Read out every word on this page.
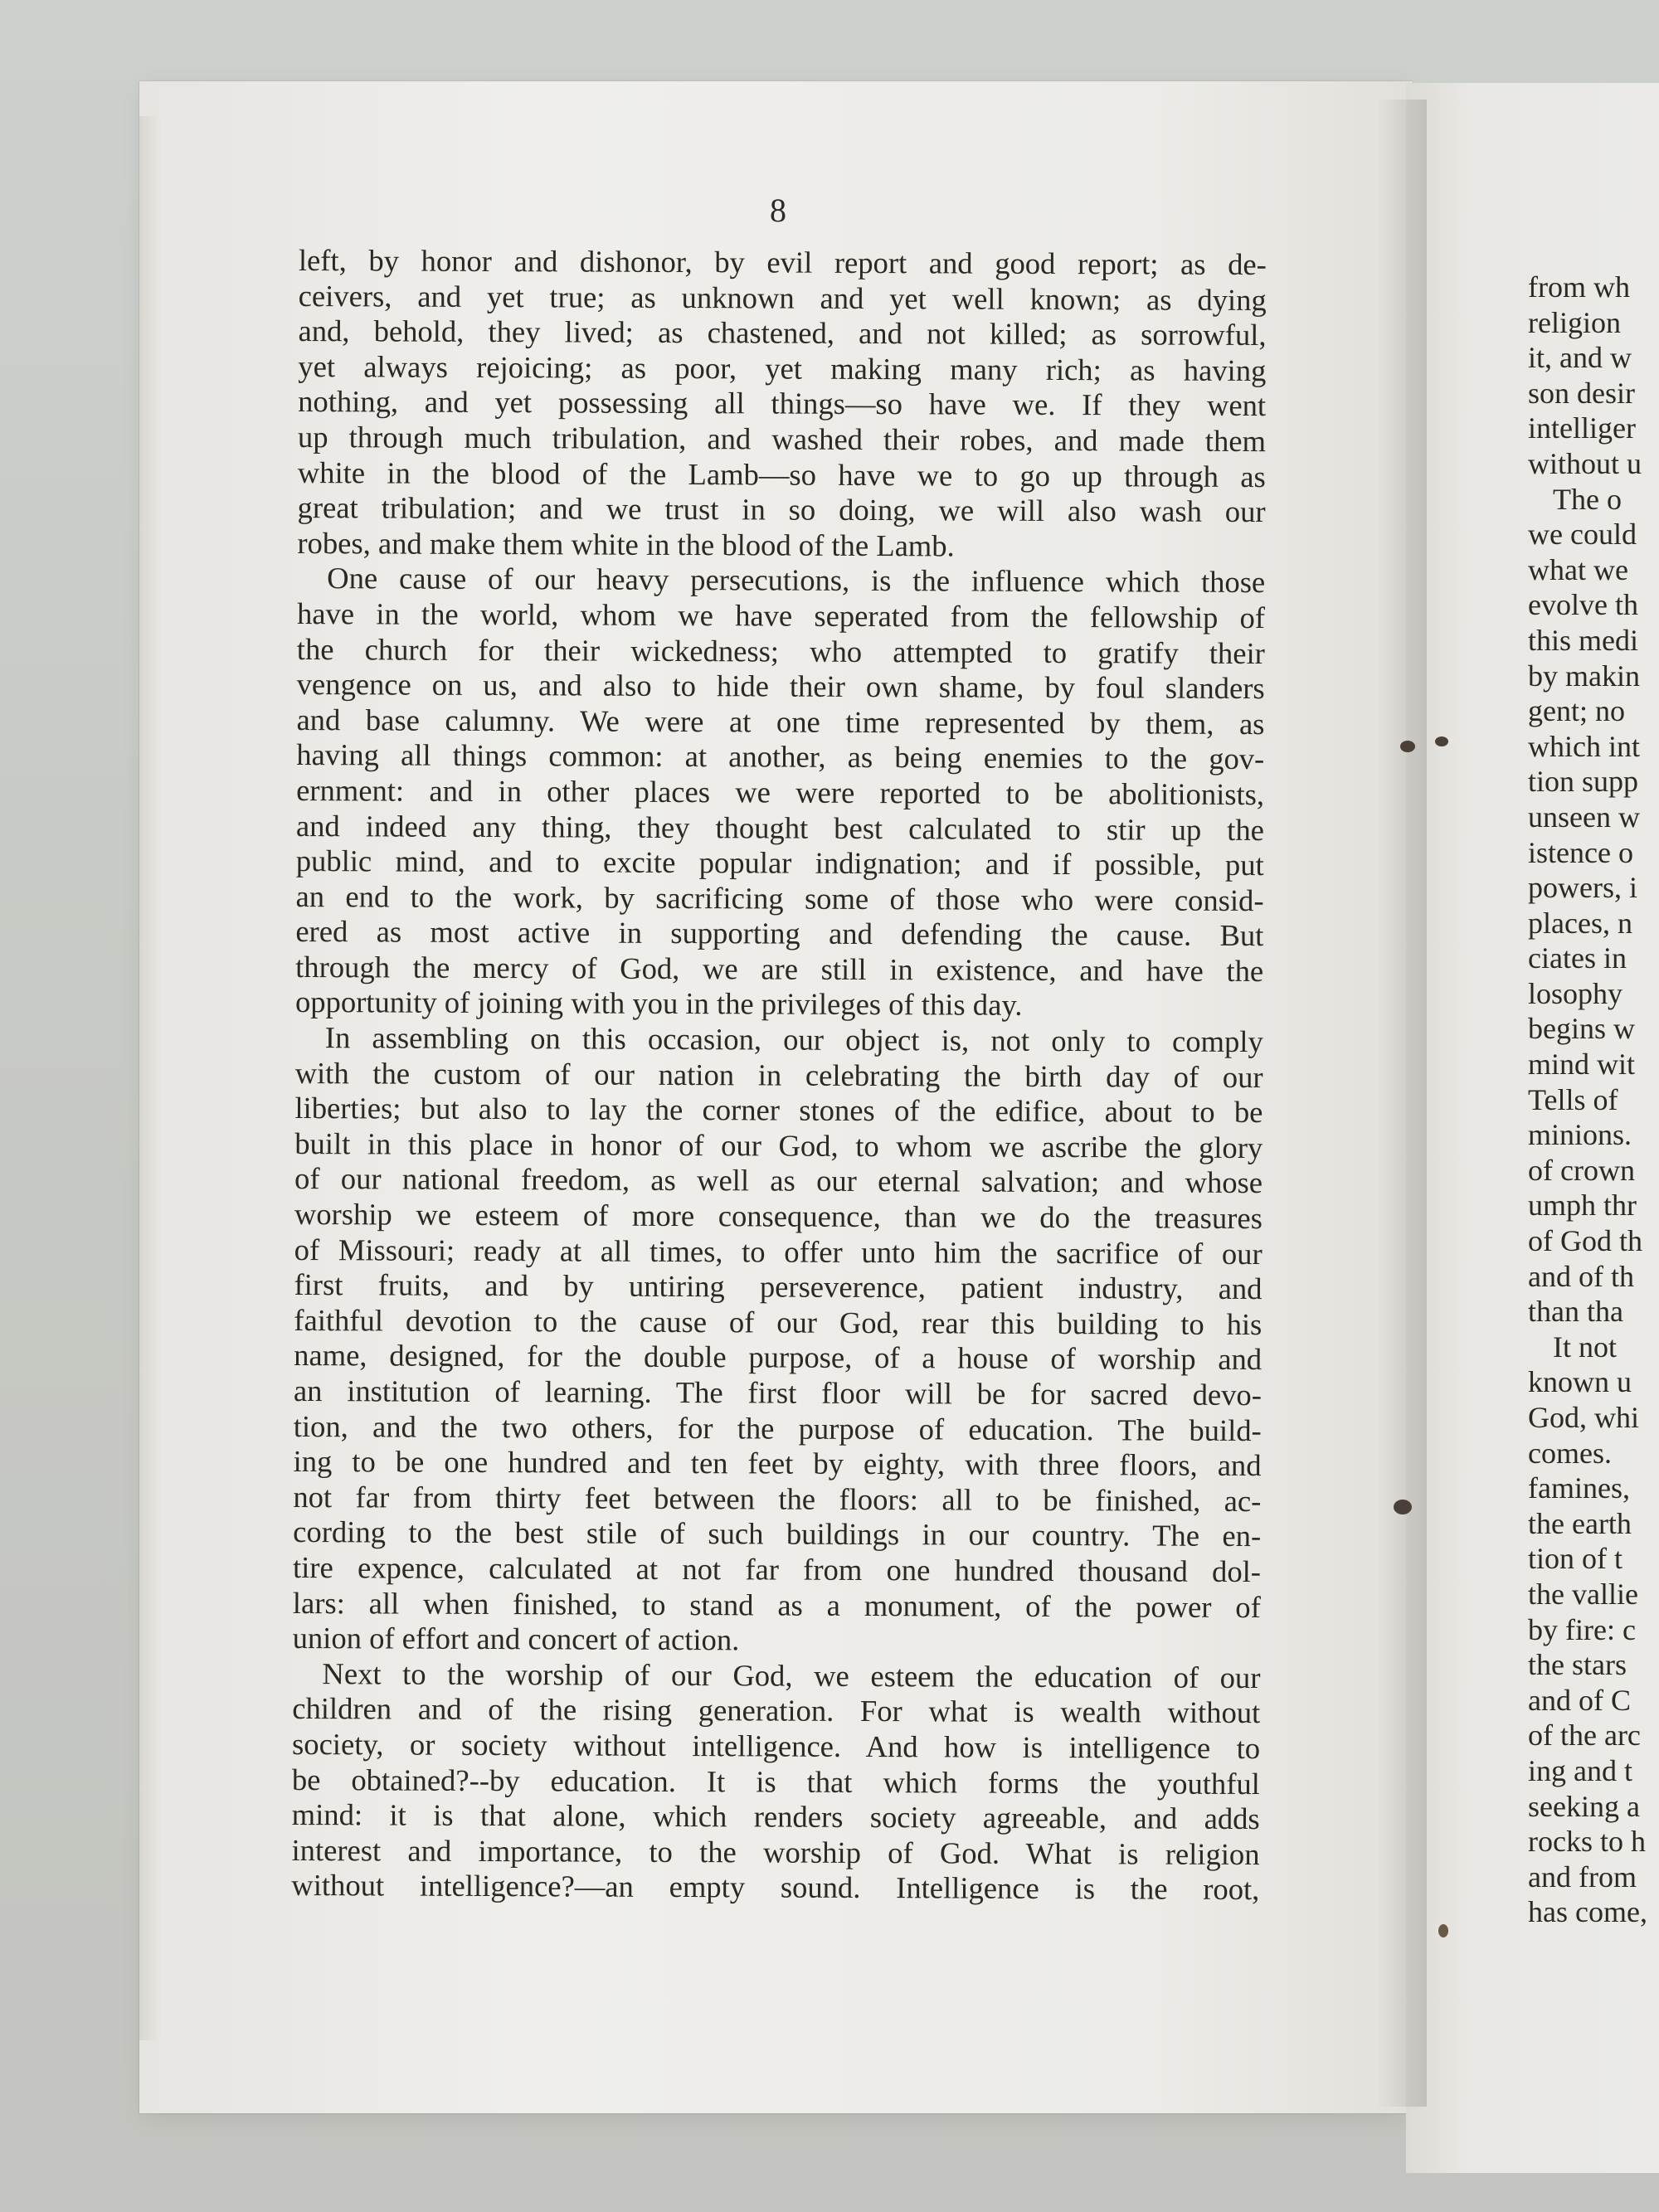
8
left, by honor and dishonor, by evil report and good report; as de-
ceivers, and yet true; as unknown and yet well known; as dying
and, behold, they lived; as chastened, and not killed; as sorrowful,
yet always rejoicing; as poor, yet making many rich; as having
nothing, and yet possessing all things—so have we. If they went
up through much tribulation, and washed their robes, and made them
white in the blood of the Lamb—so have we to go up through as
great tribulation; and we trust in so doing, we will also wash our
robes, and make them white in the blood of the Lamb.
One cause of our heavy persecutions, is the influence which those
have in the world, whom we have seperated from the fellowship of
the church for their wickedness; who attempted to gratify their
vengence on us, and also to hide their own shame, by foul slanders
and base calumny. We were at one time represented by them, as
having all things common: at another, as being enemies to the gov-
ernment: and in other places we were reported to be abolitionists,
and indeed any thing, they thought best calculated to stir up the
public mind, and to excite popular indignation; and if possible, put
an end to the work, by sacrificing some of those who were consid-
ered as most active in supporting and defending the cause. But
through the mercy of God, we are still in existence, and have the
opportunity of joining with you in the privileges of this day.
In assembling on this occasion, our object is, not only to comply
with the custom of our nation in celebrating the birth day of our
liberties; but also to lay the corner stones of the edifice, about to be
built in this place in honor of our God, to whom we ascribe the glory
of our national freedom, as well as our eternal salvation; and whose
worship we esteem of more consequence, than we do the treasures
of Missouri; ready at all times, to offer unto him the sacrifice of our
first fruits, and by untiring perseverence, patient industry, and
faithful devotion to the cause of our God, rear this building to his
name, designed, for the double purpose, of a house of worship and
an institution of learning. The first floor will be for sacred devo-
tion, and the two others, for the purpose of education. The build-
ing to be one hundred and ten feet by eighty, with three floors, and
not far from thirty feet between the floors: all to be finished, ac-
cording to the best stile of such buildings in our country. The en-
tire expence, calculated at not far from one hundred thousand dol-
lars: all when finished, to stand as a monument, of the power of
union of effort and concert of action.
Next to the worship of our God, we esteem the education of our
children and of the rising generation. For what is wealth without
society, or society without intelligence. And how is intelligence to
be obtained?--by education. It is that which forms the youthful
mind: it is that alone, which renders society agreeable, and adds
interest and importance, to the worship of God. What is religion
without intelligence?—an empty sound. Intelligence is the root,
from wh
religion
it, and w
son desir
intelliger
without u
The o
we could
what we
evolve th
this medi
by makin
gent; no
which int
tion supp
unseen w
istence o
powers, i
places, n
ciates in
losophy
begins w
mind wit
Tells of
minions.
of crown
umph thr
of God th
and of th
than tha
It not
known u
God, whi
comes.
famines,
the earth
tion of t
the vallie
by fire: c
the stars
and of C
of the arc
ing and t
seeking a
rocks to h
and from
has come,
